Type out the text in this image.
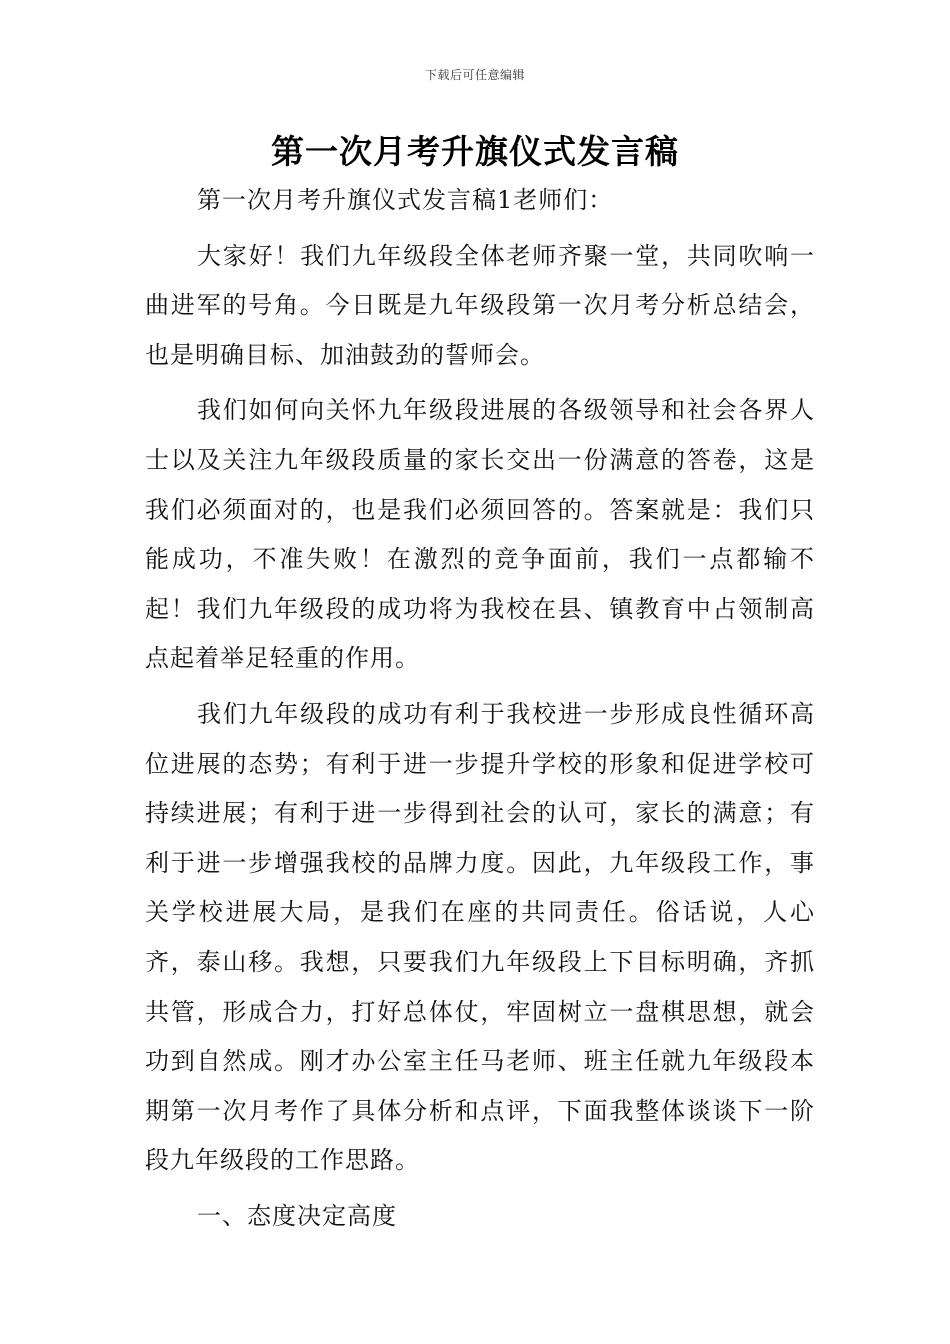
下载后可任意编辑
第一次月考升旗仪式发言稿

第一次月考升旗仪式发言稿1老师们：

大家好！我们九年级段全体老师齐聚一堂，共同吹响一曲进军的号角。今日既是九年级段第一次月考分析总结会，也是明确目标、加油鼓劲的誓师会。

我们如何向关怀九年级段进展的各级领导和社会各界人士以及关注九年级段质量的家长交出一份满意的答卷，这是我们必须面对的，也是我们必须回答的。答案就是：我们只能成功，不准失败！在激烈的竞争面前，我们一点都输不起！我们九年级段的成功将为我校在县、镇教育中占领制高点起着举足轻重的作用。

我们九年级段的成功有利于我校进一步形成良性循环高位进展的态势；有利于进一步提升学校的形象和促进学校可持续进展；有利于进一步得到社会的认可，家长的满意；有利于进一步增强我校的品牌力度。因此，九年级段工作，事关学校进展大局，是我们在座的共同责任。俗话说，人心齐，泰山移。我想，只要我们九年级段上下目标明确，齐抓共管，形成合力，打好总体仗，牢固树立一盘棋思想，就会功到自然成。刚才办公室主任马老师、班主任就九年级段本期第一次月考作了具体分析和点评，下面我整体谈谈下一阶段九年级段的工作思路。

一、态度决定高度
